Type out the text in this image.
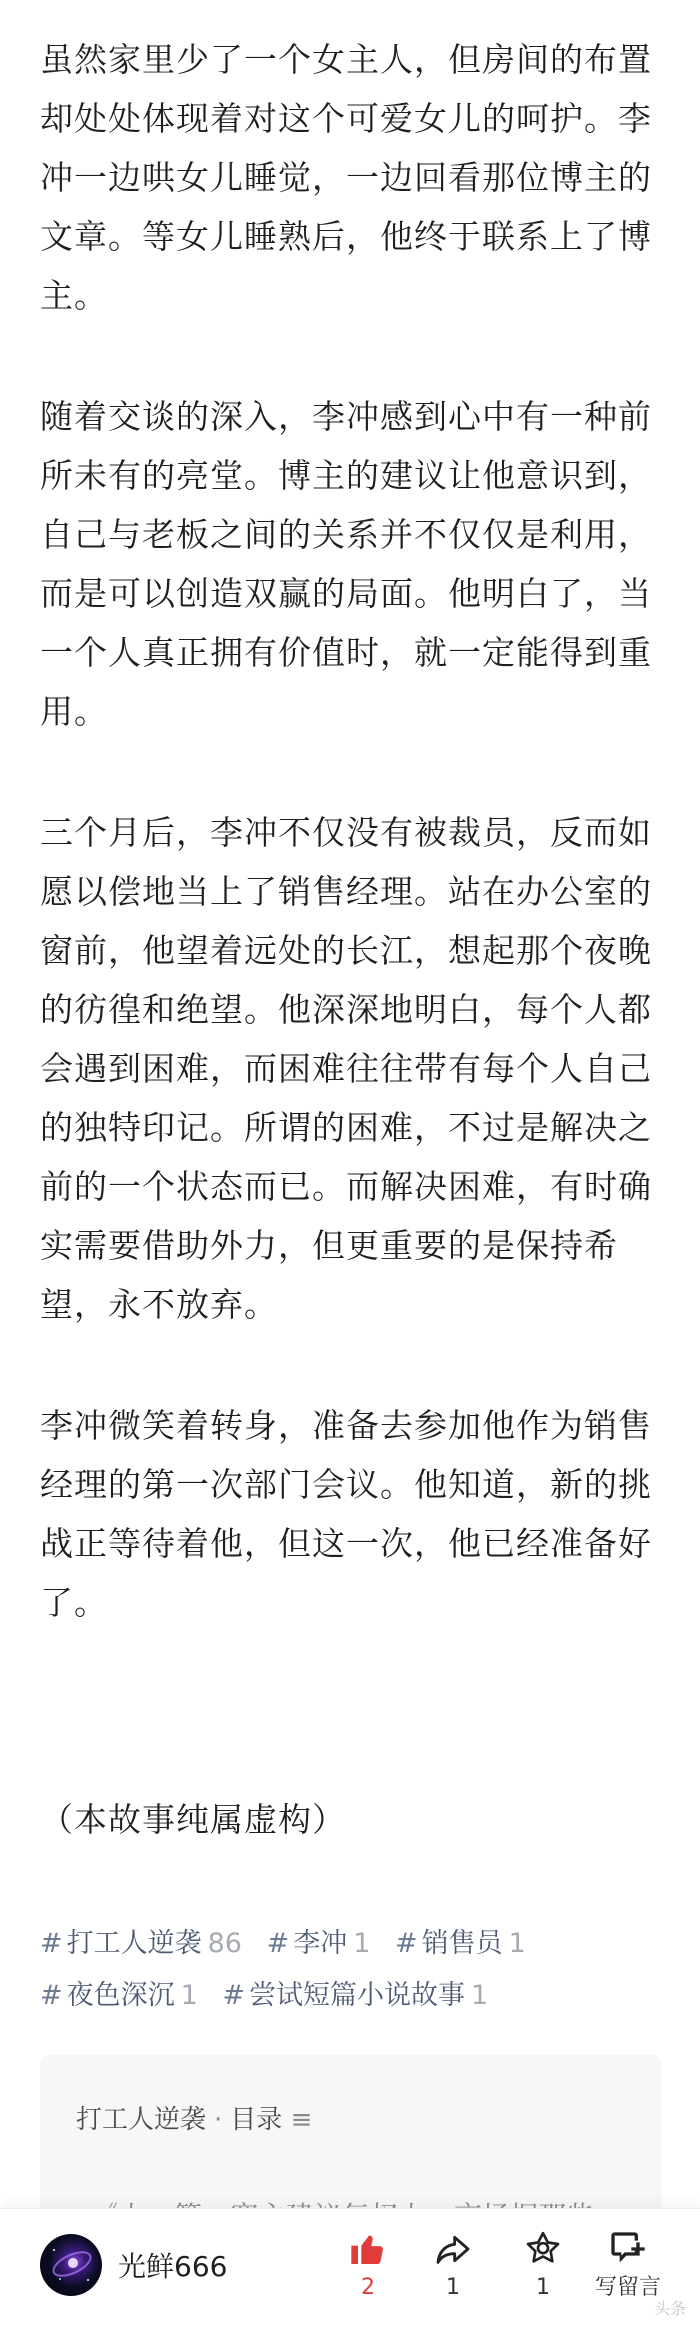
虽然家里少了一个女主人，但房间的布置却处处体现着对这个可爱女儿的呵护。李冲一边哄女儿睡觉，一边回看那位博主的文章。等女儿睡熟后，他终于联系上了博主。

随着交谈的深入，李冲感到心中有一种前所未有的亮堂。博主的建议让他意识到，自己与老板之间的关系并不仅仅是利用，而是可以创造双赢的局面。他明白了，当一个人真正拥有价值时，就一定能得到重用。

三个月后，李冲不仅没有被裁员，反而如愿以偿地当上了销售经理。站在办公室的窗前，他望着远处的长江，想起那个夜晚的彷徨和绝望。他深深地明白，每个人都会遇到困难，而困难往往带有每个人自己的独特印记。所谓的困难，不过是解决之前的一个状态而已。而解决困难，有时确实需要借助外力，但更重要的是保持希望，永不放弃。

李冲微笑着转身，准备去参加他作为销售经理的第一次部门会议。他知道，新的挑战正等待着他，但这一次，他已经准备好了。

（本故事纯属虚构）
# 打工人逆袭 86 # 李冲 1 # 销售员 1
# 夜色深沉 1 # 尝试短篇小说故事 1
打工人逆袭 · 目录 ≡
光鲜666
2	1	1	写留言
头条
